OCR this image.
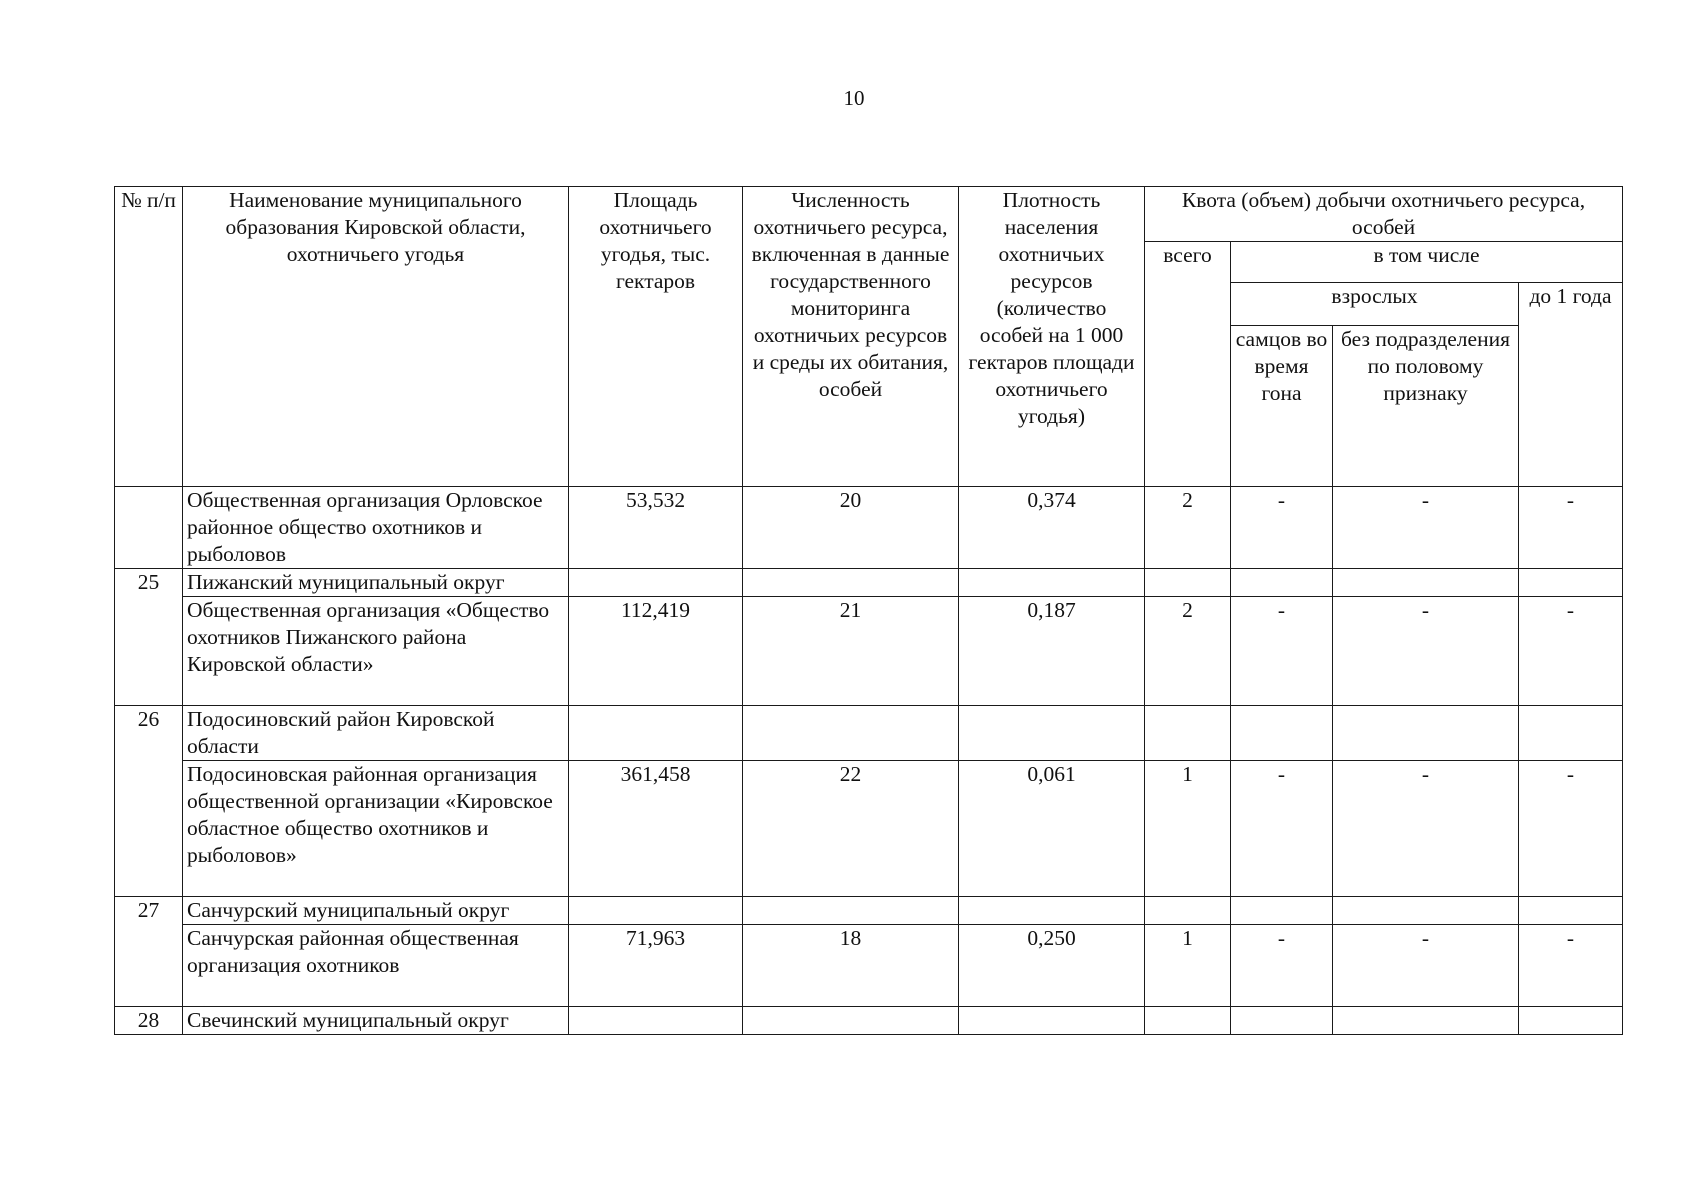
10
№ п/п	Наименование муниципального образования Кировской области, охотничьего угодья	Площадь охотничьего угодья, тыс. гектаров	Численность охотничьего ресурса, включенная в данные государственного мониторинга охотничьих ресурсов и среды их обитания, особей	Плотность населения охотничьих ресурсов (количество особей на 1 000 гектаров площади охотничьего угодья)	Квота (объем) добычи охотничьего ресурса, особей			
					всего	в том числе		
						взрослых		до 1 года
						самцов во время гона	без подразделения по половому признаку	
	Общественная организация Орловское районное общество охотников и рыболовов	53,532	20	0,374	2	-	-	-
25	Пижанский муниципальный округ							
	Общественная организация «Общество охотников Пижанского района Кировской области»	112,419	21	0,187	2	-	-	-
26	Подосиновский район Кировской области							
	Подосиновская районная организация общественной организации «Кировское областное общество охотников и рыболовов»	361,458	22	0,061	1	-	-	-
27	Санчурский муниципальный округ							
	Санчурская районная общественная организация охотников	71,963	18	0,250	1	-	-	-
28	Свечинский муниципальный округ							
